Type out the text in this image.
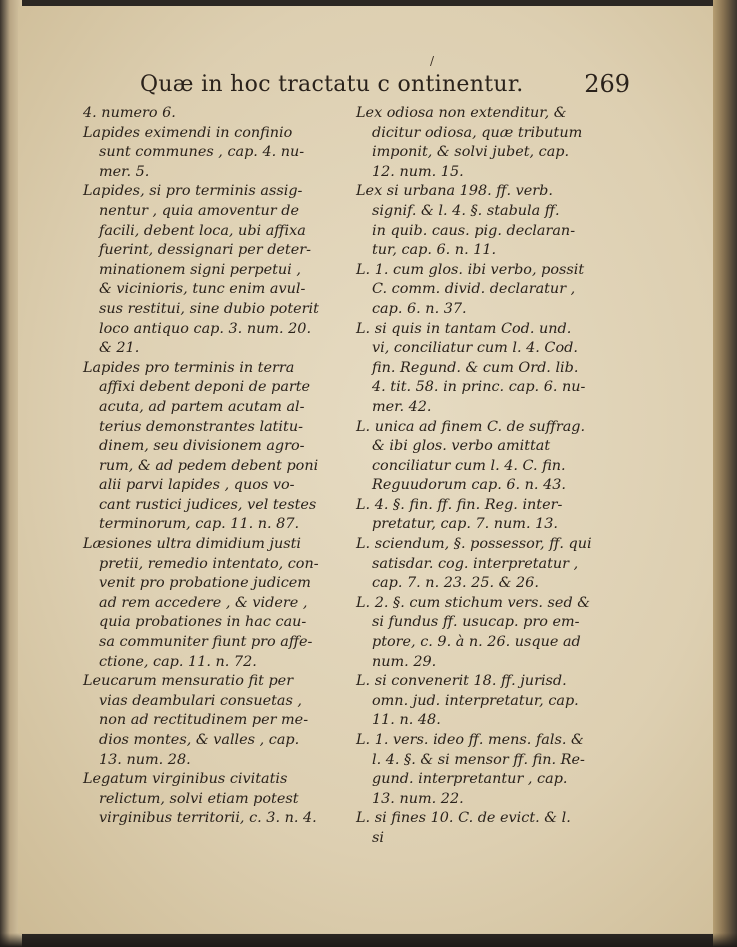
/
Quæ in hoc tractatu c ontinentur.	269

4. numero 6.

Lapides eximendi in confinio
sunt communes , cap. 4. nu-
mer. 5.

Lapides, si pro terminis assig-
nentur , quia amoventur de
facili, debent loca, ubi affixa
fuerint, dessignari per deter-
minationem signi perpetui ,
& vicinioris, tunc enim avul-
sus restitui, sine dubio poterit
loco antiquo cap. 3. num. 20.
& 21.

Lapides pro terminis in terra
affixi debent deponi de parte
acuta, ad partem acutam al-
terius demonstrantes latitu-
dinem, seu divisionem agro-
rum, & ad pedem debent poni
alii parvi lapides , quos vo-
cant rustici judices, vel testes
terminorum, cap. 11. n. 87.

Læsiones ultra dimidium justi
pretii, remedio intentato, con-
venit pro probatione judicem
ad rem accedere , & videre ,
quia probationes in hac cau-
sa communiter fiunt pro affe-
ctione, cap. 11. n. 72.

Leucarum mensuratio fit per
vias deambulari consuetas ,
non ad rectitudinem per me-
dios montes, & valles , cap.
13. num. 28.

Legatum virginibus civitatis
relictum, solvi etiam potest
virginibus territorii, c. 3. n. 4.

Lex odiosa non extenditur, &
dicitur odiosa, quæ tributum
imponit, & solvi jubet, cap.
12. num. 15.

Lex si urbana 198. ff. verb.
signif. & l. 4. §. stabula ff.
in quib. caus. pig. declaran-
tur, cap. 6. n. 11.

L. 1. cum glos. ibi verbo, possit
C. comm. divid. declaratur ,
cap. 6. n. 37.

L. si quis in tantam Cod. und.
vi, conciliatur cum l. 4. Cod.
fin. Regund. & cum Ord. lib.
4. tit. 58. in princ. cap. 6. nu-
mer. 42.

L. unica ad finem C. de suffrag.
& ibi glos. verbo amittat
conciliatur cum l. 4. C. fin.
Reguudorum cap. 6. n. 43.

L. 4. §. fin. ff. fin. Reg. inter-
pretatur, cap. 7. num. 13.

L. sciendum, §. possessor, ff. qui
satisdar. cog. interpretatur ,
cap. 7. n. 23. 25. & 26.

L. 2. §. cum stichum vers. sed &
si fundus ff. usucap. pro em-
ptore, c. 9. à n. 26. usque ad
num. 29.

L. si convenerit 18. ff. jurisd.
omn. jud. interpretatur, cap.
11. n. 48.

L. 1. vers. ideo ff. mens. fals. &
l. 4. §. & si mensor ff. fin. Re-
gund. interpretantur , cap.
13. num. 22.

L. si fines 10. C. de evict. & l.
si
